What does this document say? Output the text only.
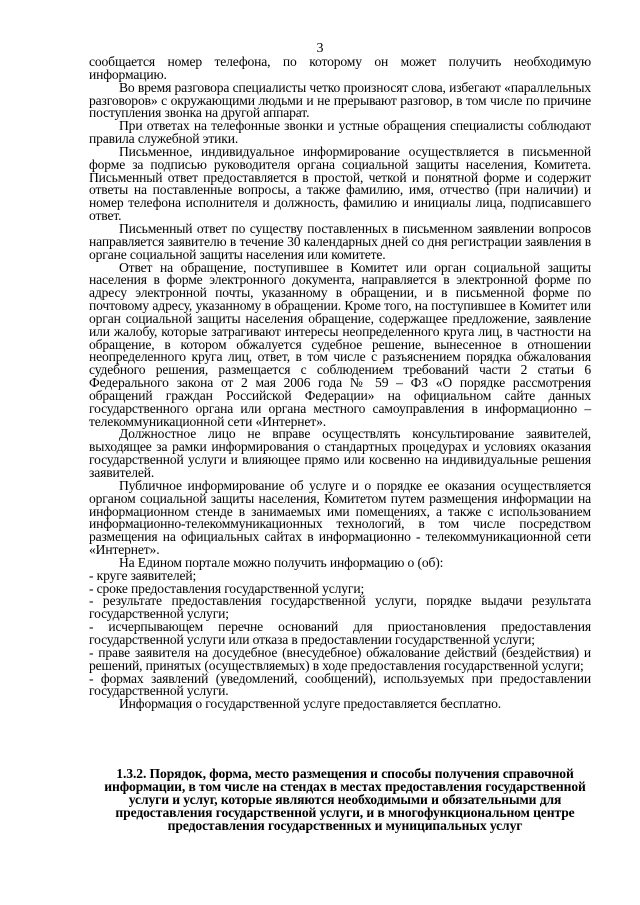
3

сообщается номер телефона, по которому он может получить необходимую информацию.

Во время разговора специалисты четко произносят слова, избегают «параллельных разговоров» с окружающими людьми и не прерывают разговор, в том числе по причине поступления звонка на другой аппарат.

При ответах на телефонные звонки и устные обращения специалисты соблюдают правила служебной этики.

Письменное, индивидуальное информирование осуществляется в письменной форме за подписью руководителя органа социальной защиты населения, Комитета. Письменный ответ предоставляется в простой, четкой и понятной форме и содержит ответы на поставленные вопросы, а также фамилию, имя, отчество (при наличии) и номер телефона исполнителя и должность, фамилию и инициалы лица, подписавшего ответ.

Письменный ответ по существу поставленных в письменном заявлении вопросов направляется заявителю в течение 30 календарных дней со дня регистрации заявления в органе социальной защиты населения или комитете.

Ответ на обращение, поступившее в Комитет или орган социальной защиты населения в форме электронного документа, направляется в электронной форме по адресу электронной почты, указанному в обращении, и в письменной форме по почтовому адресу, указанному в обращении. Кроме того, на поступившее в Комитет или орган социальной защиты населения обращение, содержащее предложение, заявление или жалобу, которые затрагивают интересы неопределенного круга лиц, в частности на обращение, в котором обжалуется судебное решение, вынесенное в отношении неопределенного круга лиц, ответ, в том числе с разъяснением порядка обжалования судебного решения, размещается с соблюдением требований части 2 статьи 6 Федерального закона от 2 мая 2006 года № 59 – ФЗ «О порядке рассмотрения обращений граждан Российской Федерации» на официальном сайте данных государственного органа или органа местного самоуправления в информационно – телекоммуникационной сети «Интернет».

Должностное лицо не вправе осуществлять консультирование заявителей, выходящее за рамки информирования о стандартных процедурах и условиях оказания государственной услуги и влияющее прямо или косвенно на индивидуальные решения заявителей.

Публичное информирование об услуге и о порядке ее оказания осуществляется органом социальной защиты населения, Комитетом путем размещения информации на информационном стенде в занимаемых ими помещениях, а также с использованием информационно-телекоммуникационных технологий, в том числе посредством размещения на официальных сайтах в информационно - телекоммуникационной сети «Интернет».

На Едином портале можно получить информацию о (об):

- круге заявителей;

- сроке предоставления государственной услуги;

- результате предоставления государственной услуги, порядке выдачи результата государственной услуги;

- исчерпывающем перечне оснований для приостановления предоставления государственной услуги или отказа в предоставлении государственной услуги;

- праве заявителя на досудебное (внесудебное) обжалование действий (бездействия) и решений, принятых (осуществляемых) в ходе предоставления государственной услуги;

- формах заявлений (уведомлений, сообщений), используемых при предоставлении государственной услуги.

Информация о государственной услуге предоставляется бесплатно.

1.3.2. Порядок, форма, место размещения и способы получения справочной информации, в том числе на стендах в местах предоставления государственной услуги и услуг, которые являются необходимыми и обязательными для предоставления государственной услуги, и в многофункциональном центре предоставления государственных и муниципальных услуг
